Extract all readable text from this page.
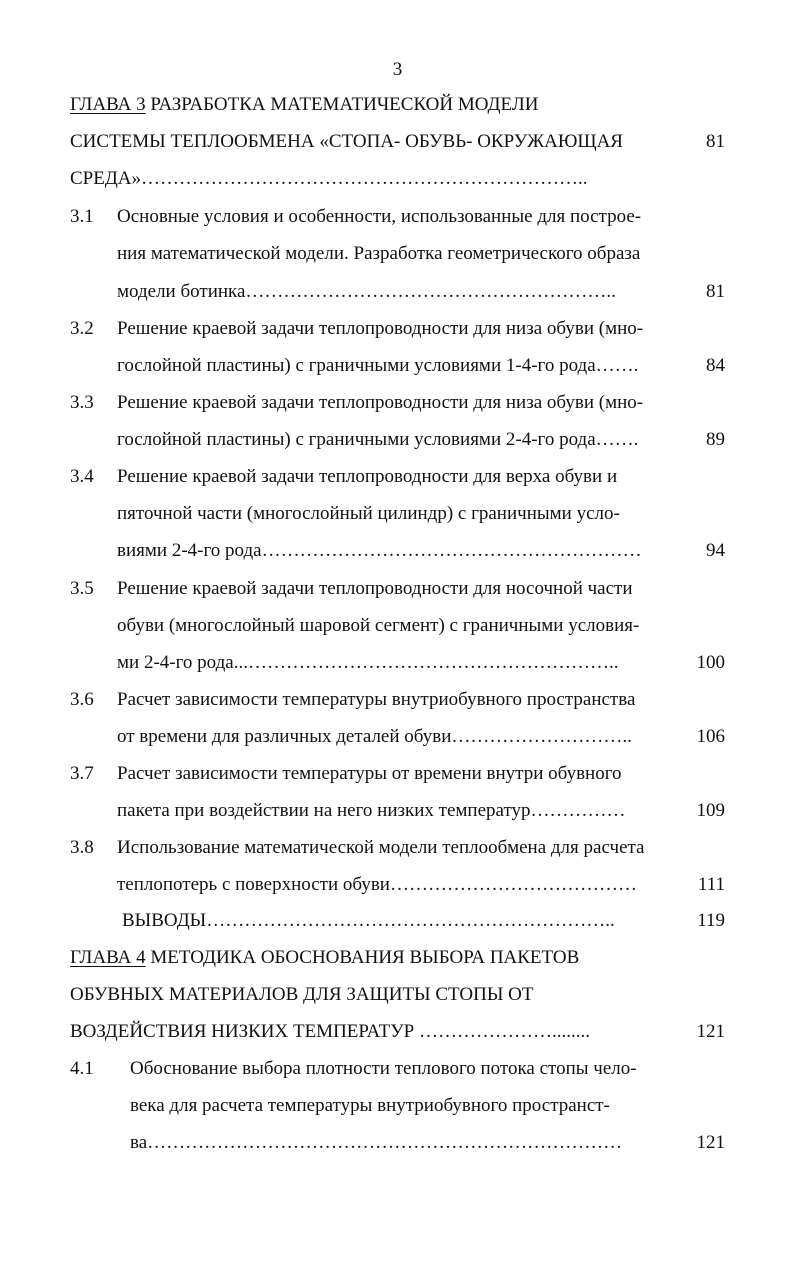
3
ГЛАВА 3 РАЗРАБОТКА МАТЕМАТИЧЕСКОЙ МОДЕЛИ
СИСТЕМЫ ТЕПЛООБМЕНА «СТОПА- ОБУВЬ- ОКРУЖАЮЩАЯ	81
СРЕДА»……………………………………………………………..
3.1 Основные условия и особенности, использованные для построе-
ния математической модели. Разработка геометрического образа
модели ботинка…………………………………………………..	81
3.2 Решение краевой задачи теплопроводности для низа обуви (мно-
гослойной пластины) с граничными условиями 1-4-го рода…….	84
3.3 Решение краевой задачи теплопроводности для низа обуви (мно-
гослойной пластины) с граничными условиями 2-4-го рода…….	89
3.4 Решение краевой задачи теплопроводности для верха обуви и
пяточной части (многослойный цилиндр) с граничными усло-
виями 2-4-го рода……………………………………………………	94
3.5 Решение краевой задачи теплопроводности для носочной части
обуви (многослойный шаровой сегмент) с граничными условия-
ми 2-4-го рода...…………………………………………………..	100
3.6 Расчет зависимости температуры внутриобувного пространства
от времени для различных деталей обуви………………………..	106
3.7 Расчет зависимости температуры от времени внутри обувного
пакета при воздействии на него низких температур……………	109
3.8 Использование математической модели теплообмена для расчета
теплопотерь с поверхности обуви…………………………………	111
ВЫВОДЫ………………………………………………………..	119
ГЛАВА 4 МЕТОДИКА ОБОСНОВАНИЯ ВЫБОРА ПАКЕТОВ
ОБУВНЫХ МАТЕРИАЛОВ ДЛЯ ЗАЩИТЫ СТОПЫ ОТ
ВОЗДЕЙСТВИЯ НИЗКИХ ТЕМПЕРАТУР …………………........	121
4.1 Обоснование выбора плотности теплового потока стопы чело-
века для расчета температуры внутриобувного пространст-
ва…………………………………………………………………	121
